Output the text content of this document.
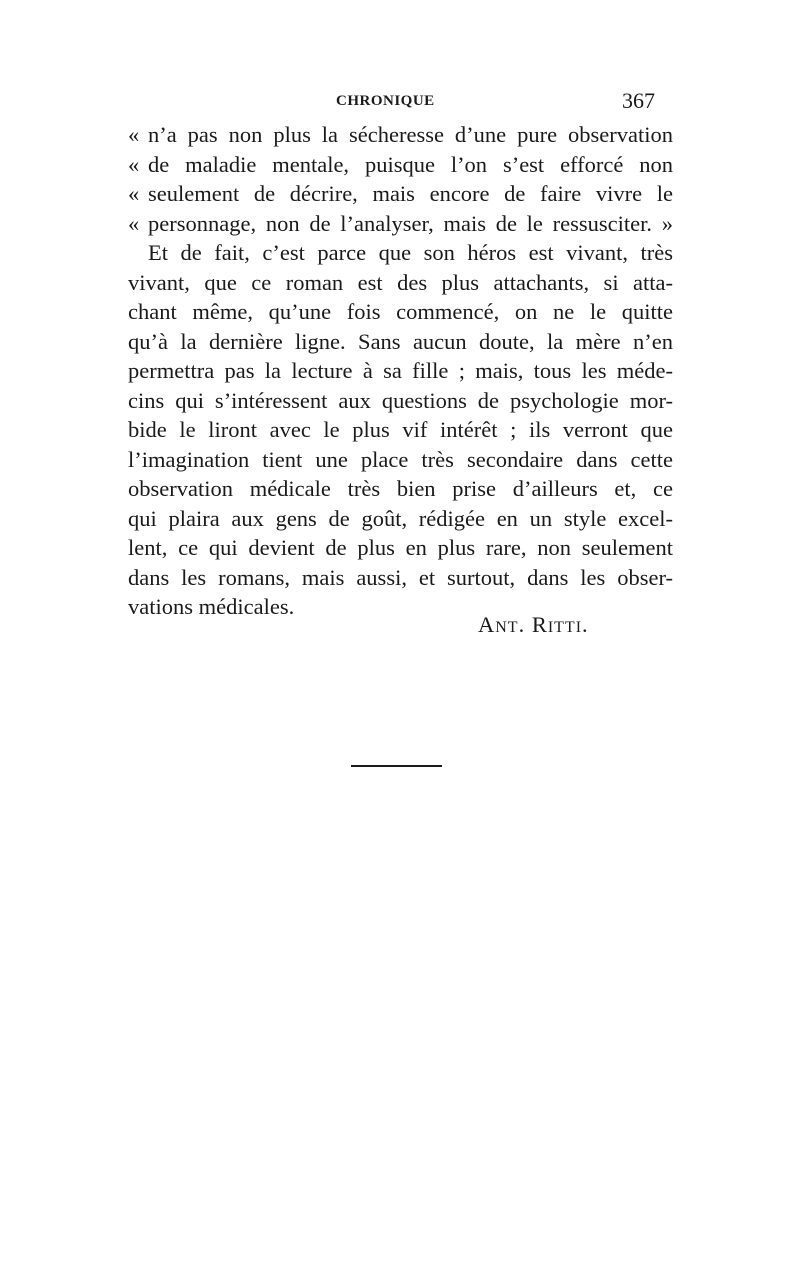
CHRONIQUE	367
« n’a pas non plus la sécheresse d’une pure observation
« de maladie mentale, puisque l’on s’est efforcé non
« seulement de décrire, mais encore de faire vivre le
« personnage, non de l’analyser, mais de le ressusciter. »
Et de fait, c’est parce que son héros est vivant, très
vivant, que ce roman est des plus attachants, si atta-
chant même, qu’une fois commencé, on ne le quitte
qu’à la dernière ligne. Sans aucun doute, la mère n’en
permettra pas la lecture à sa fille ; mais, tous les méde-
cins qui s’intéressent aux questions de psychologie mor-
bide le liront avec le plus vif intérêt ; ils verront que
l’imagination tient une place très secondaire dans cette
observation médicale très bien prise d’ailleurs et, ce
qui plaira aux gens de goût, rédigée en un style excel-
lent, ce qui devient de plus en plus rare, non seulement
dans les romans, mais aussi, et surtout, dans les obser-
vations médicales.
Ant. Ritti.
